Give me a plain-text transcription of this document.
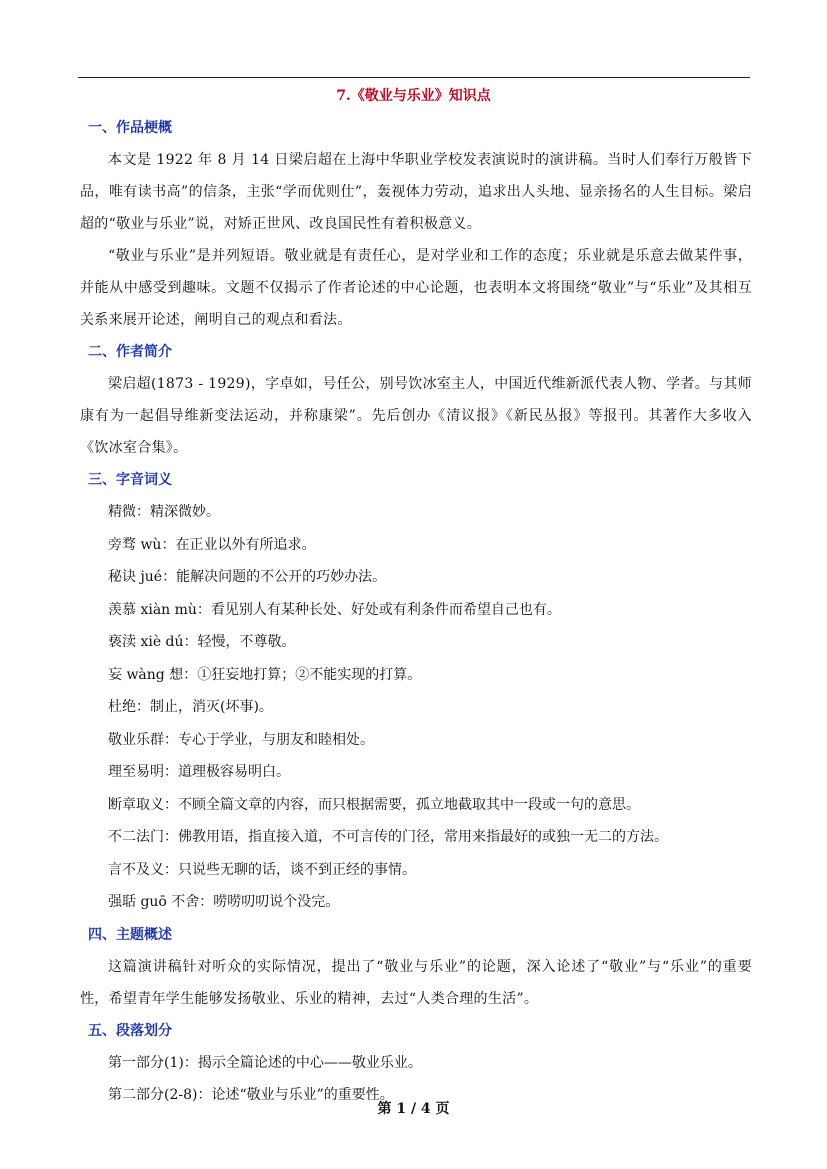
7.《敬业与乐业》知识点
一、作品梗概

本文是 1922 年 8 月 14 日梁启超在上海中华职业学校发表演说时的演讲稿。当时人们奉行万般皆下品，唯有读书高”的信条，主张“学而优则仕”，轰视体力劳动，追求出人头地、显亲扬名的人生目标。梁启超的“敬业与乐业”说，对矫正世风、改良国民性有着积极意义。

“敬业与乐业”是并列短语。敬业就是有责任心，是对学业和工作的态度；乐业就是乐意去做某件事，并能从中感受到趣味。文题不仅揭示了作者论述的中心论题，也表明本文将围绕“敬业”与“乐业”及其相互关系来展开论述，阐明自己的观点和看法。

二、作者简介

梁启超(1873 - 1929)，字卓如，号任公，别号饮冰室主人，中国近代维新派代表人物、学者。与其师康有为一起倡导维新变法运动，并称康梁”。先后创办《清议报》《新民丛报》等报刊。其著作大多收入《饮冰室合集》。

三、字音词义

精微：精深微妙。

旁骛 wù：在正业以外有所追求。

秘诀 jué：能解决问题的不公开的巧妙办法。

羡慕 xiàn mù：看见别人有某种长处、好处或有利条件而希望自己也有。

亵渎 xiè dú：轻慢，不尊敬。

妄 wàng 想：①狂妄地打算；②不能实现的打算。

杜绝：制止，消灭(坏事)。

敬业乐群：专心于学业，与朋友和睦相处。

理至易明：道理极容易明白。

断章取义：不顾全篇文章的内容，而只根据需要，孤立地截取其中一段或一句的意思。

不二法门：佛教用语，指直接入道，不可言传的门径，常用来指最好的或独一无二的方法。

言不及义：只说些无聊的话，谈不到正经的事情。

强聒 guō 不舍：唠唠叨叨说个没完。

四、主题概述

这篇演讲稿针对听众的实际情况，提出了“敬业与乐业”的论题，深入论述了“敬业”与“乐业”的重要性，希望青年学生能够发扬敬业、乐业的精神，去过“人类合理的生活”。

五、段落划分

第一部分(1)：揭示全篇论述的中心——敬业乐业。

第二部分(2-8)：论述“敬业与乐业”的重要性。

第 1 / 4 页
